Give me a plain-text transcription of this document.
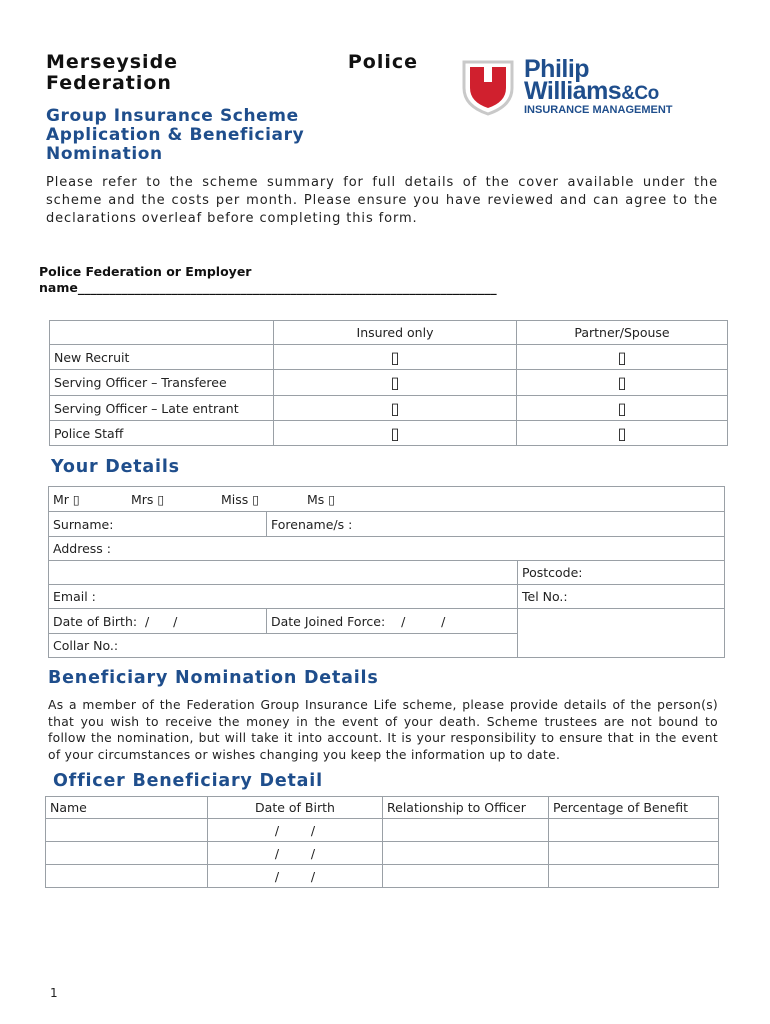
Merseyside	Police
Federation
Group Insurance Scheme
Application & Beneficiary
Nomination
Philip
Williams&Co
INSURANCE MANAGEMENT
Please refer to the scheme summary for full details of the cover available under the scheme and the costs per month. Please ensure you have reviewed and can agree to the declarations overleaf before completing this form.
Police Federation or Employer
name___________________________________________________________________
	Insured only	Partner/Spouse
New Recruit	▯	▯
Serving Officer – Transferee	▯	▯
Serving Officer – Late entrant	▯	▯
Police Staff	▯	▯
Your Details
Mr ▯ Mrs ▯ Miss ▯ Ms ▯		
Surname:	Forename/s :	
Address :		
		Postcode:
Email :		Tel No.:
Date of Birth:  /      /	Date Joined Force:    /         /	
Collar No.:		
Beneficiary Nomination Details
As a member of the Federation Group Insurance Life scheme, please provide details of the person(s) that you wish to receive the money in the event of your death. Scheme trustees are not bound to follow the nomination, but will take it into account. It is your responsibility to ensure that in the event of your circumstances or wishes changing you keep the information up to date.
Officer Beneficiary Detail
Name	Date of Birth	Relationship to Officer	Percentage of Benefit
	/        /		
	/        /		
	/        /		
1
